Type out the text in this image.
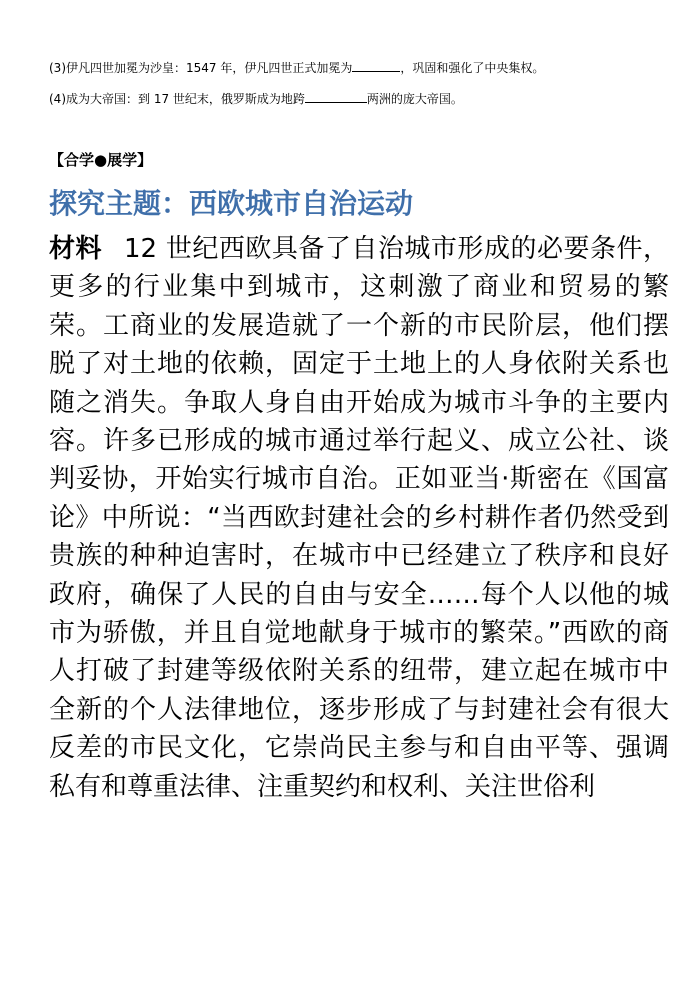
(3)伊凡四世加冕为沙皇：1547 年，伊凡四世正式加冕为	，巩固和强化了中央集权。
(4)成为大帝国：到 17 世纪末，俄罗斯成为地跨	两洲的庞大帝国。
【合学●展学】
探究主题：西欧城市自治运动
材料 12 世纪西欧具备了自治城市形成的必要条件，更多的行业集中到城市，这刺激了商业和贸易的繁荣。工商业的发展造就了一个新的市民阶层，他们摆脱了对土地的依赖，固定于土地上的人身依附关系也随之消失。争取人身自由开始成为城市斗争的主要内容。许多已形成的城市通过举行起义、成立公社、谈判妥协，开始实行城市自治。正如亚当·斯密在《国富论》中所说：“当西欧封建社会的乡村耕作者仍然受到贵族的种种迫害时，在城市中已经建立了秩序和良好政府，确保了人民的自由与安全……每个人以他的城市为骄傲，并且自觉地献身于城市的繁荣。”西欧的商人打破了封建等级依附关系的纽带，建立起在城市中全新的个人法律地位，逐步形成了与封建社会有很大反差的市民文化，它崇尚民主参与和自由平等、强调私有和尊重法律、注重契约和权利、关注世俗利
